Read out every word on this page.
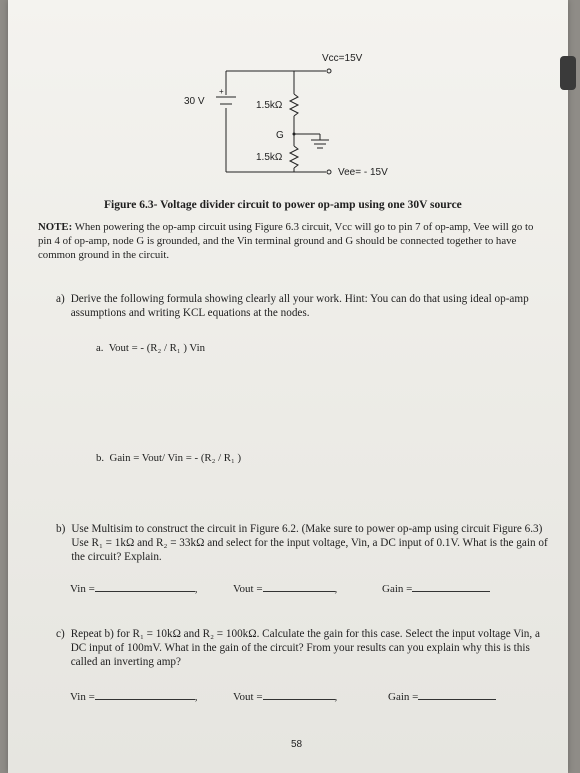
Vcc=15V
Vee= - 15V
30 V
+
1.5kΩ
1.5kΩ
G
Figure 6.3- Voltage divider circuit to power op-amp using one 30V source
NOTE: When powering the op-amp circuit using Figure 6.3 circuit, Vcc will go to pin 7 of op-amp, Vee will go to pin 4 of op-amp, node G is grounded, and the Vin terminal ground and G should be connected together to have common ground in the circuit.
a) Derive the following formula showing clearly all your work. Hint: You can do that using ideal op-amp assumptions and writing KCL equations at the nodes.
a. Vout = - (R₂ / R₁ ) Vin
b. Gain = Vout/ Vin = - (R₂ / R₁ )
b) Use Multisim to construct the circuit in Figure 6.2. (Make sure to power op-amp using circuit Figure 6.3) Use R₁ = 1kΩ and R₂ = 33kΩ and select for the input voltage, Vin, a DC input of 0.1V. What is the gain of the circuit? Explain.
Vin =	,	Vout =	,	Gain =
c) Repeat b) for R₁ = 10kΩ and R₂ = 100kΩ. Calculate the gain for this case. Select the input voltage Vin, a DC input of 100mV. What in the gain of the circuit? From your results can you explain why this is this called an inverting amp?
Vin =	,	Vout =	,	Gain =
58
